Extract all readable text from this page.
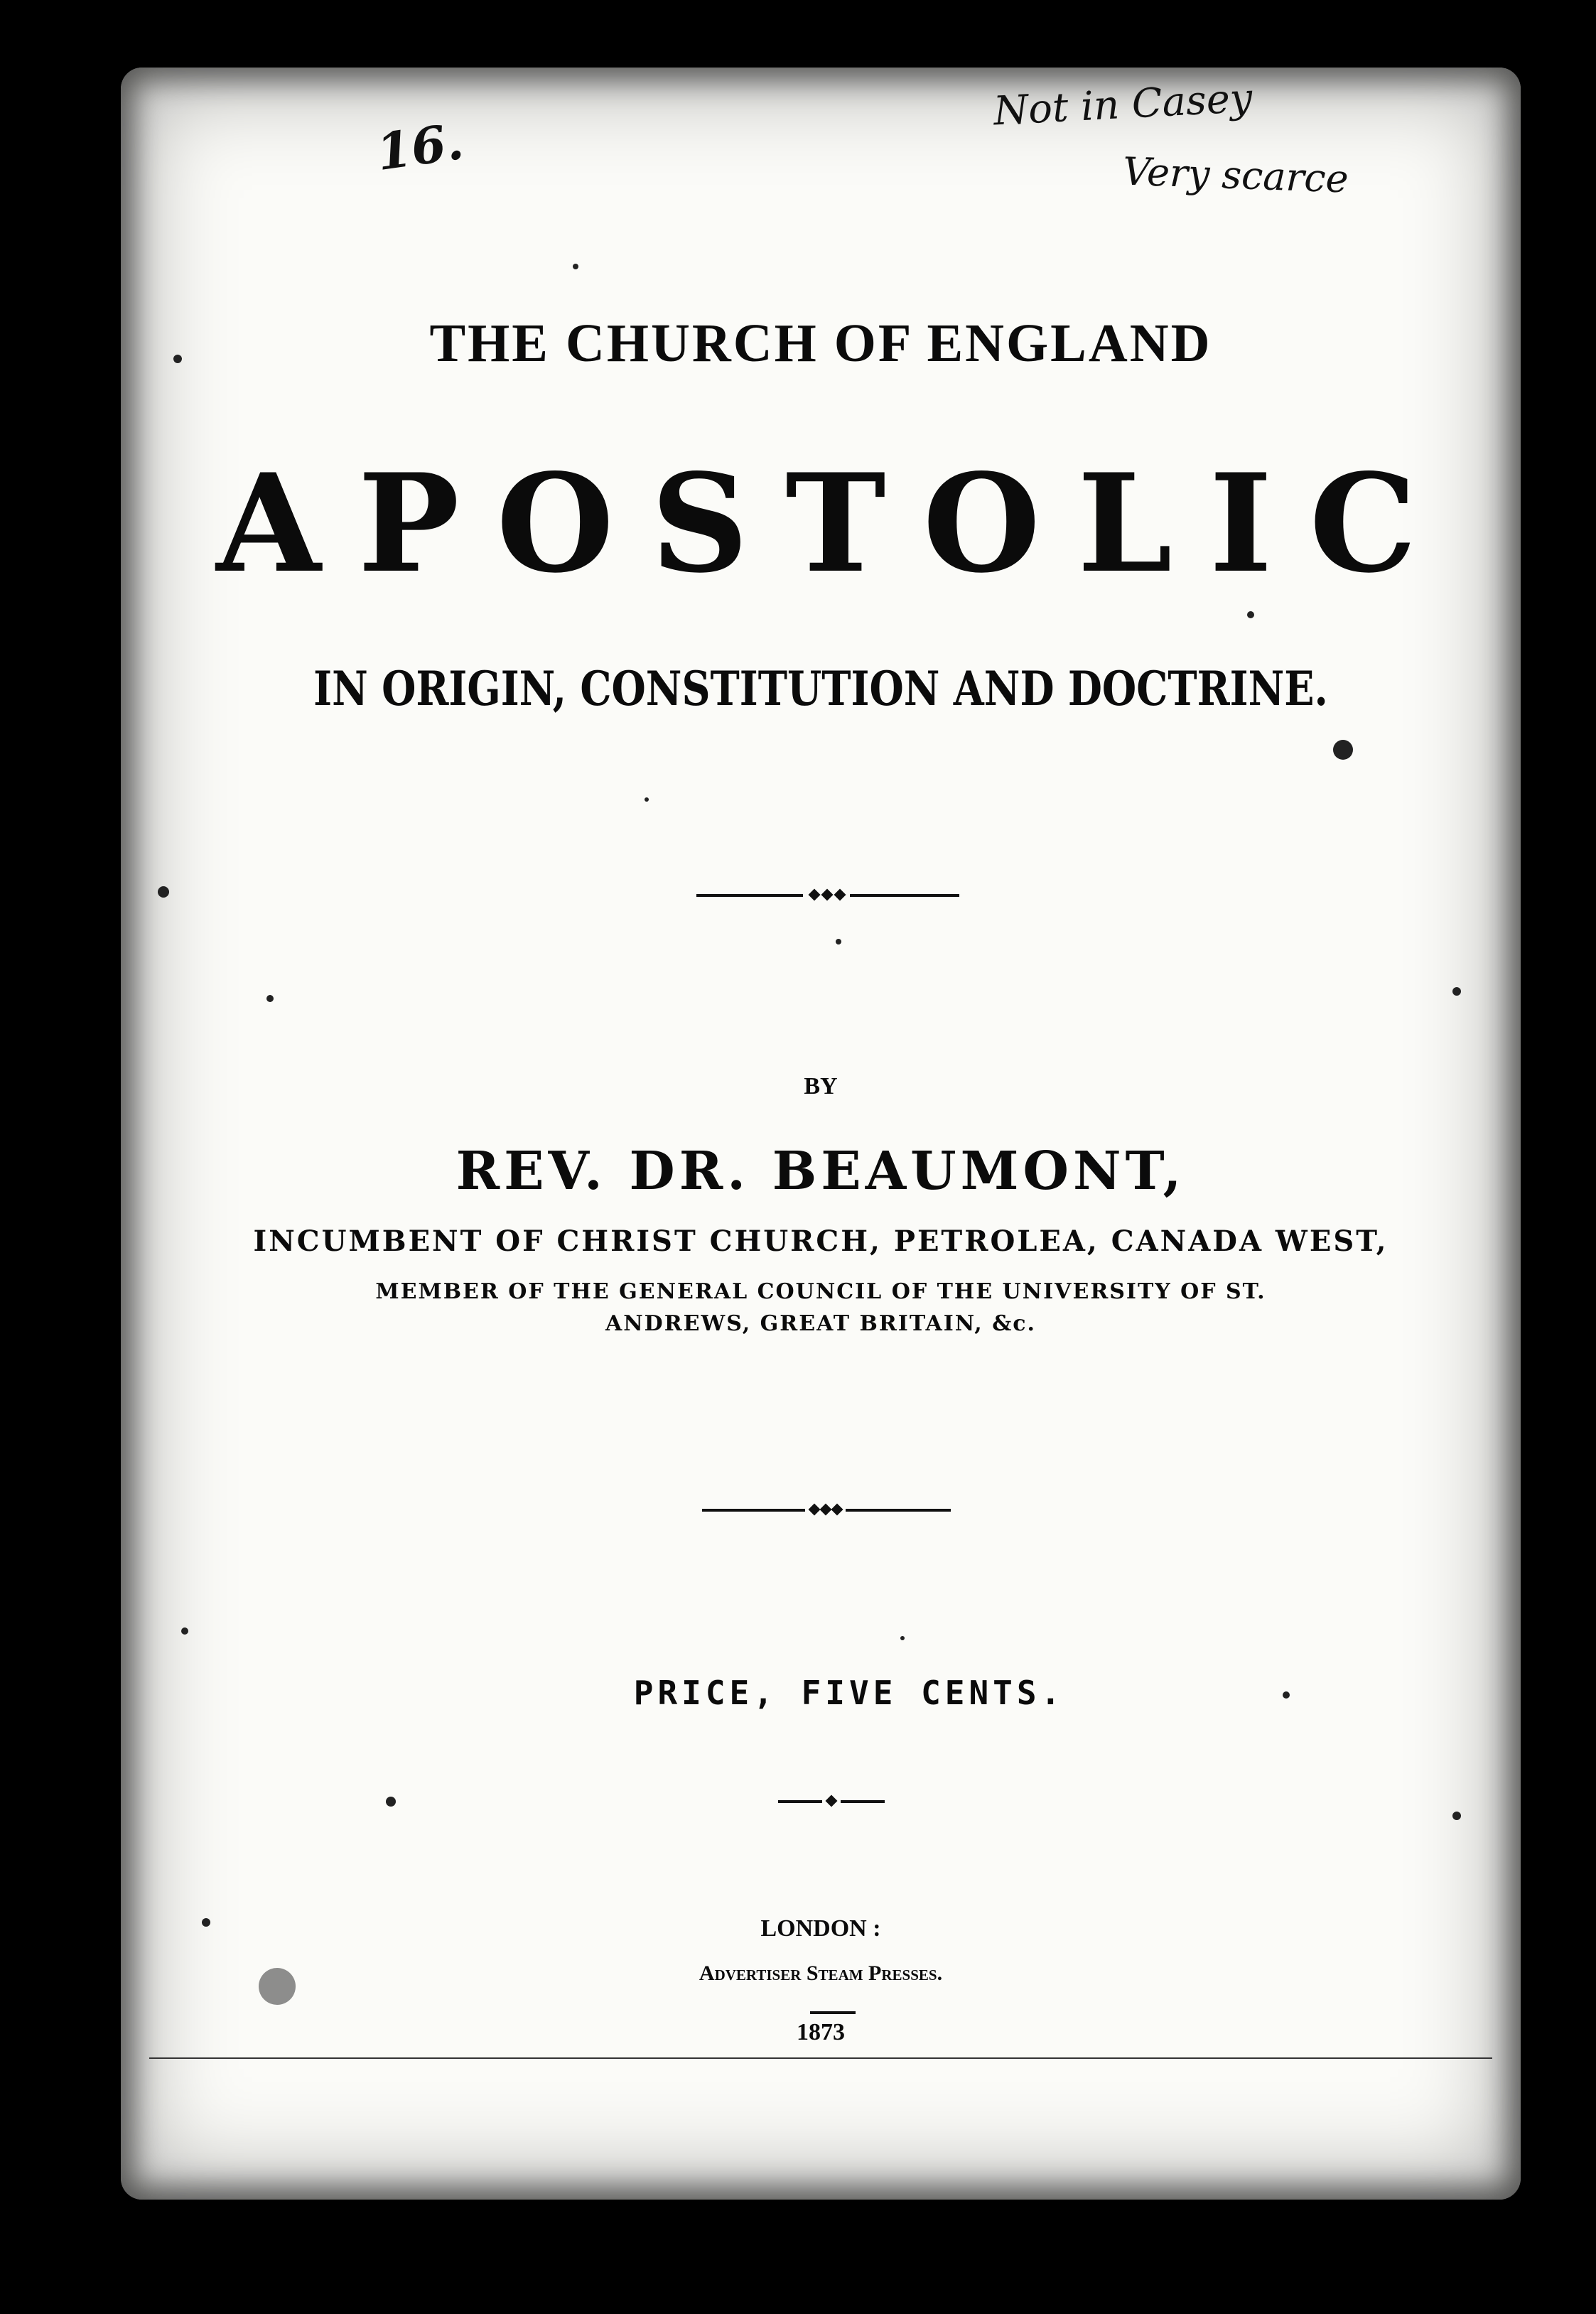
Not in Casey
Very scarce
16.
THE CHURCH OF ENGLAND
APOSTOLIC
IN ORIGIN, CONSTITUTION AND DOCTRINE.
BY
REV. DR. BEAUMONT,
INCUMBENT OF CHRIST CHURCH, PETROLEA, CANADA WEST,
MEMBER OF THE GENERAL COUNCIL OF THE UNIVERSITY OF ST.
ANDREWS, GREAT BRITAIN, &c.
PRICE, FIVE CENTS.
LONDON :
Advertiser Steam Presses.
1873
